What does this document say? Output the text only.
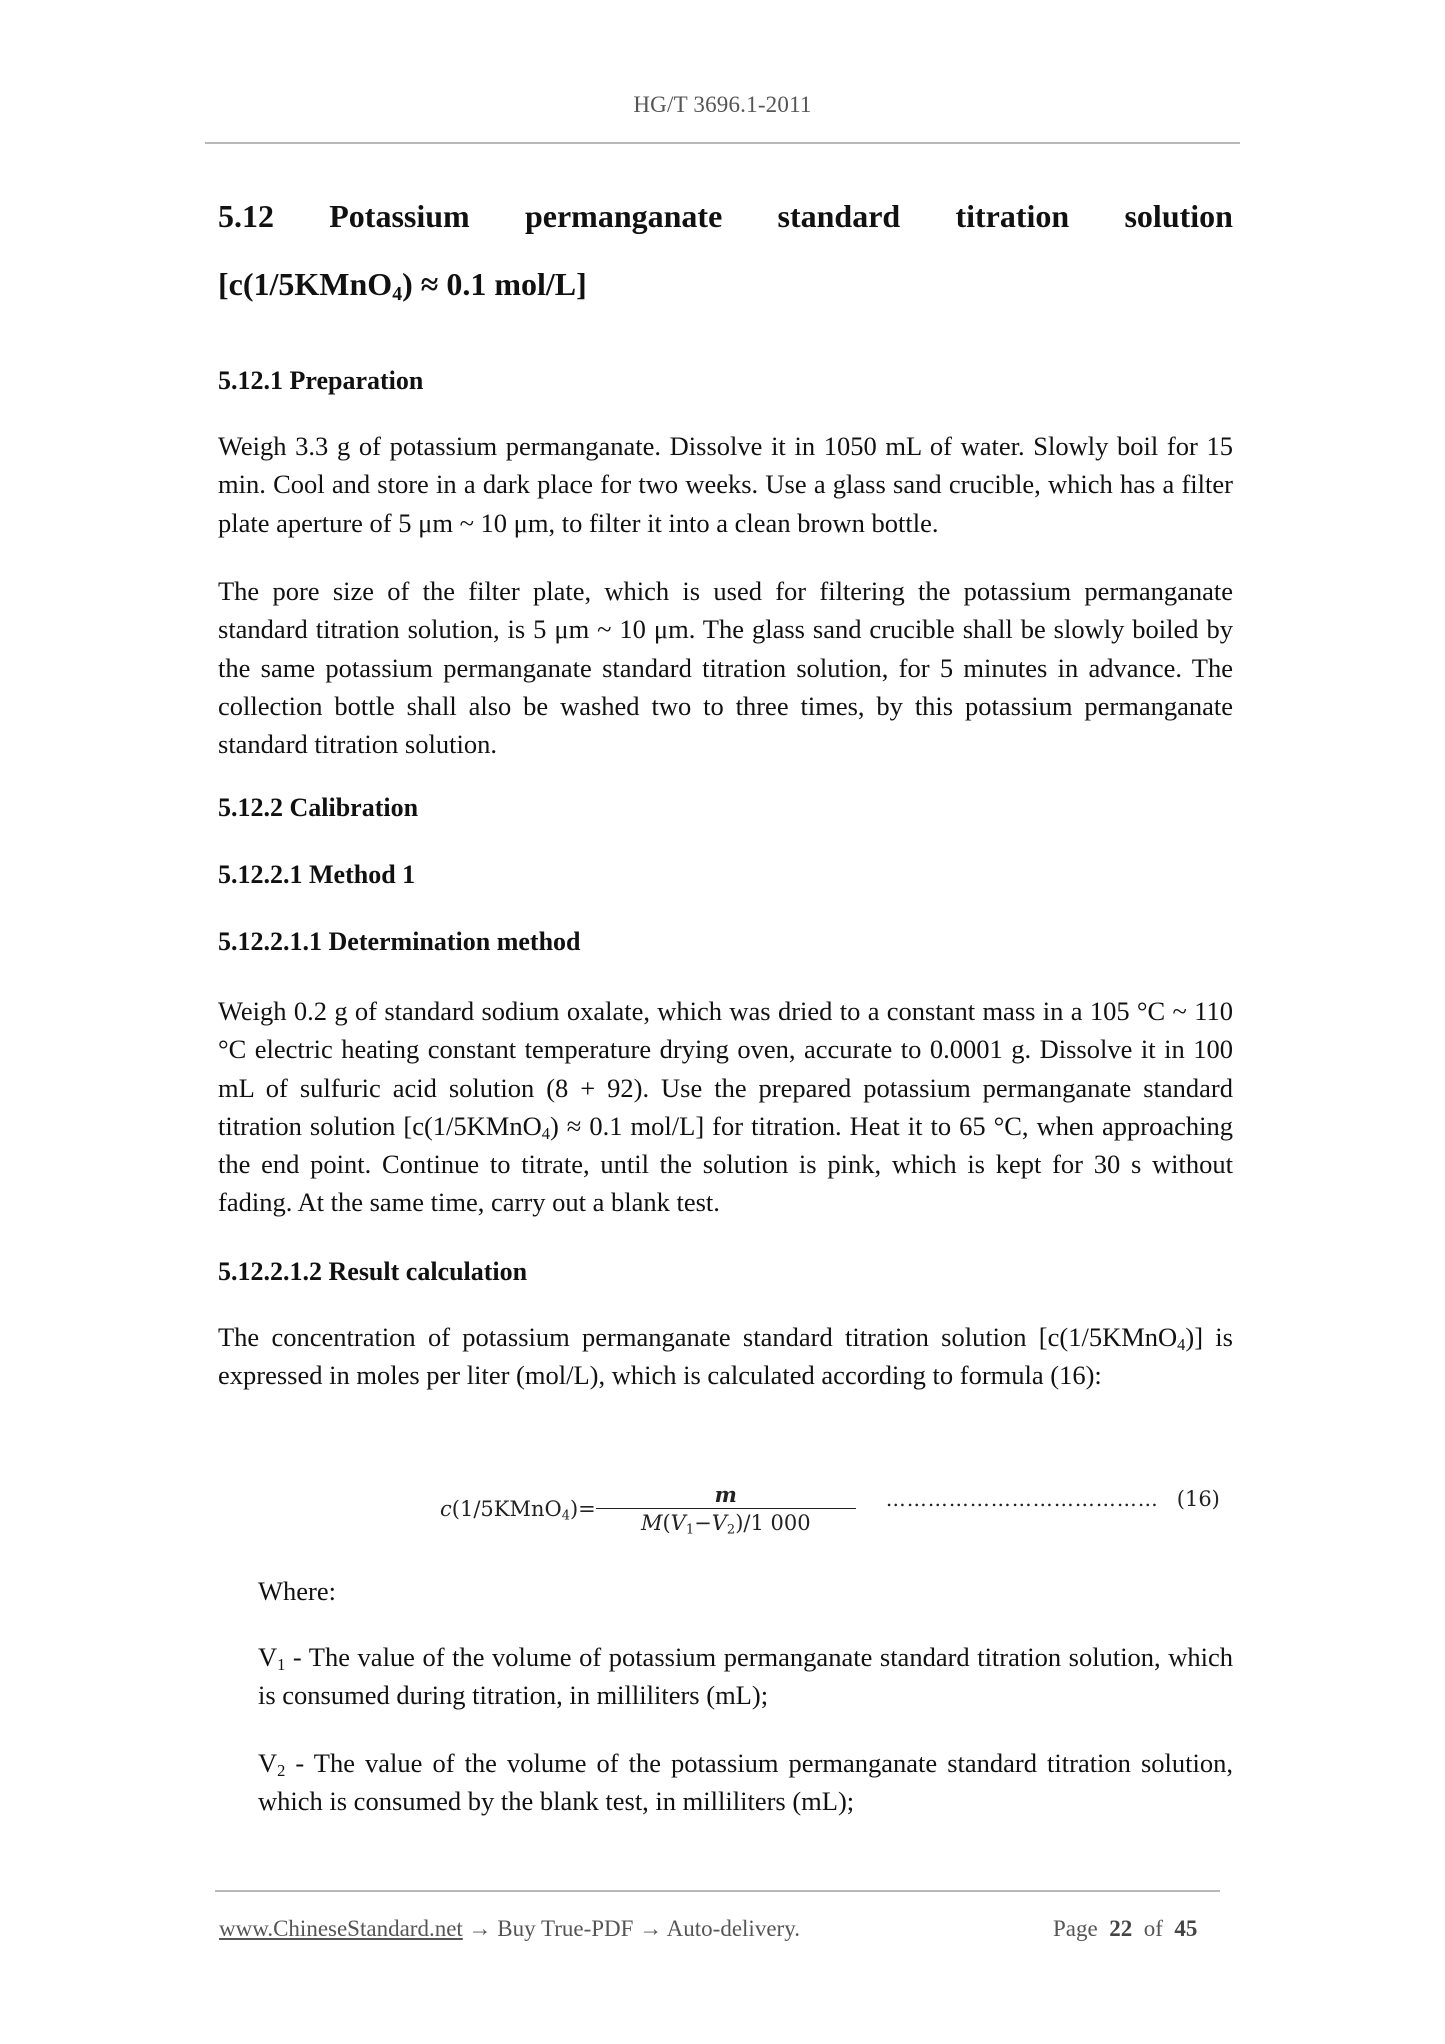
HG/T 3696.1-2011
5.12 Potassium permanganate standard titration solution
[c(1/5KMnO$_4$) ≈ 0.1 mol/L]
5.12.1 Preparation

Weigh 3.3 g of potassium permanganate. Dissolve it in 1050 mL of water. Slowly boil for 15 min. Cool and store in a dark place for two weeks. Use a glass sand crucible, which has a filter plate aperture of 5 μm ~ 10 μm, to filter it into a clean brown bottle.

The pore size of the filter plate, which is used for filtering the potassium permanganate standard titration solution, is 5 μm ~ 10 μm. The glass sand crucible shall be slowly boiled by the same potassium permanganate standard titration solution, for 5 minutes in advance. The collection bottle shall also be washed two to three times, by this potassium permanganate standard titration solution.

5.12.2 Calibration
5.12.2.1 Method 1
5.12.2.1.1 Determination method

Weigh 0.2 g of standard sodium oxalate, which was dried to a constant mass in a 105 °C ~ 110 °C electric heating constant temperature drying oven, accurate to 0.0001 g. Dissolve it in 100 mL of sulfuric acid solution (8 + 92). Use the prepared potassium permanganate standard titration solution [c(1/5KMnO$_4$) ≈ 0.1 mol/L] for titration. Heat it to 65 °C, when approaching the end point. Continue to titrate, until the solution is pink, which is kept for 30 s without fading. At the same time, carry out a blank test.

5.12.2.1.2 Result calculation

The concentration of potassium permanganate standard titration solution [c(1/5KMnO$_4$)] is expressed in moles per liter (mol/L), which is calculated according to formula (16):

c(1/5KMnO$_4$)= $\frac{m}{M(V_1-V_2)/1 000}$ ………………………………… (16)
Where:

$V_1$ - The value of the volume of potassium permanganate standard titration solution, which is consumed during titration, in milliliters (mL);

$V_2$ - The value of the volume of the potassium permanganate standard titration solution, which is consumed by the blank test, in milliliters (mL);

www.ChineseStandard.net → Buy True-PDF → Auto-delivery.	Page 22 of 45
